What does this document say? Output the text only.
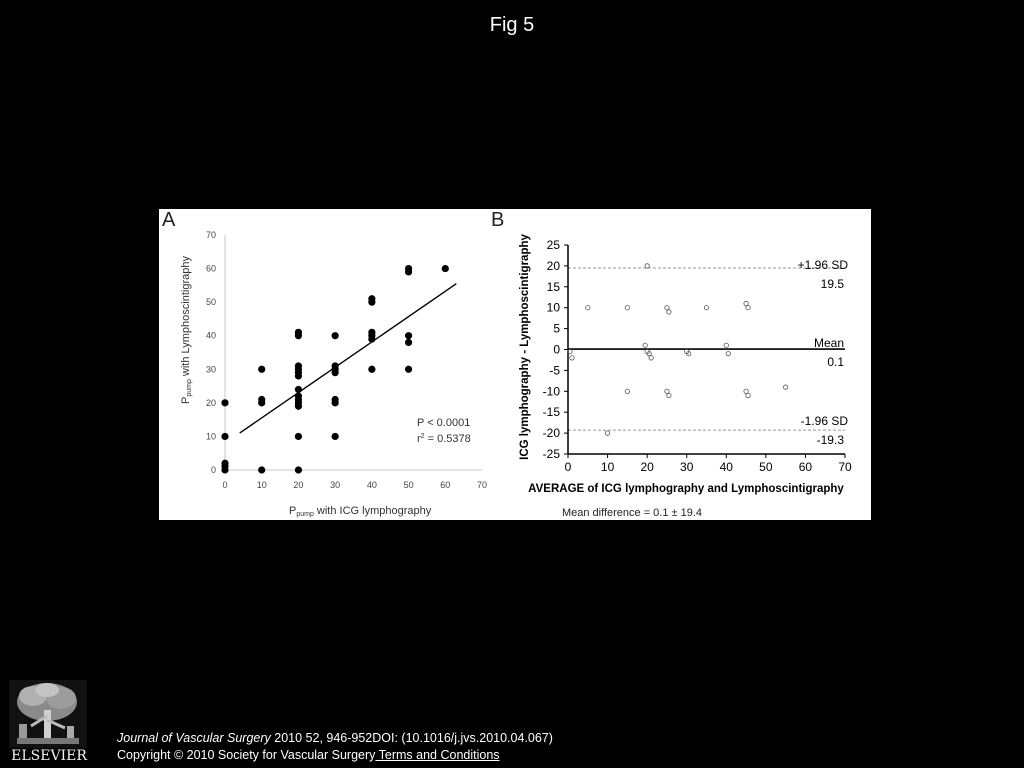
Fig 5
A	B
0	10	20	30	40	50	60	70
0
10
20
30
40
50
60
70
P < 0.0001
$r^2 = 0.5378$
Ppump with ICG lymphography
Ppump with Lymphoscintigraphy
0 10 20 30 40 50 60 70
25
20
15
10
5
0
-5
-10
-15
-20
-25
+1.96 SD
19.5
Mean
0.1
-1.96 SD
-19.3
AVERAGE of ICG lymphography and Lymphoscintigraphy
ICG lymphography - Lymphoscintigraphy
Mean difference = 0.1 ± 19.4
ELSEVIER
Journal of Vascular Surgery 2010 52, 946-952DOI: (10.1016/j.jvs.2010.04.067)
Copyright © 2010 Society for Vascular Surgery Terms and Conditions
